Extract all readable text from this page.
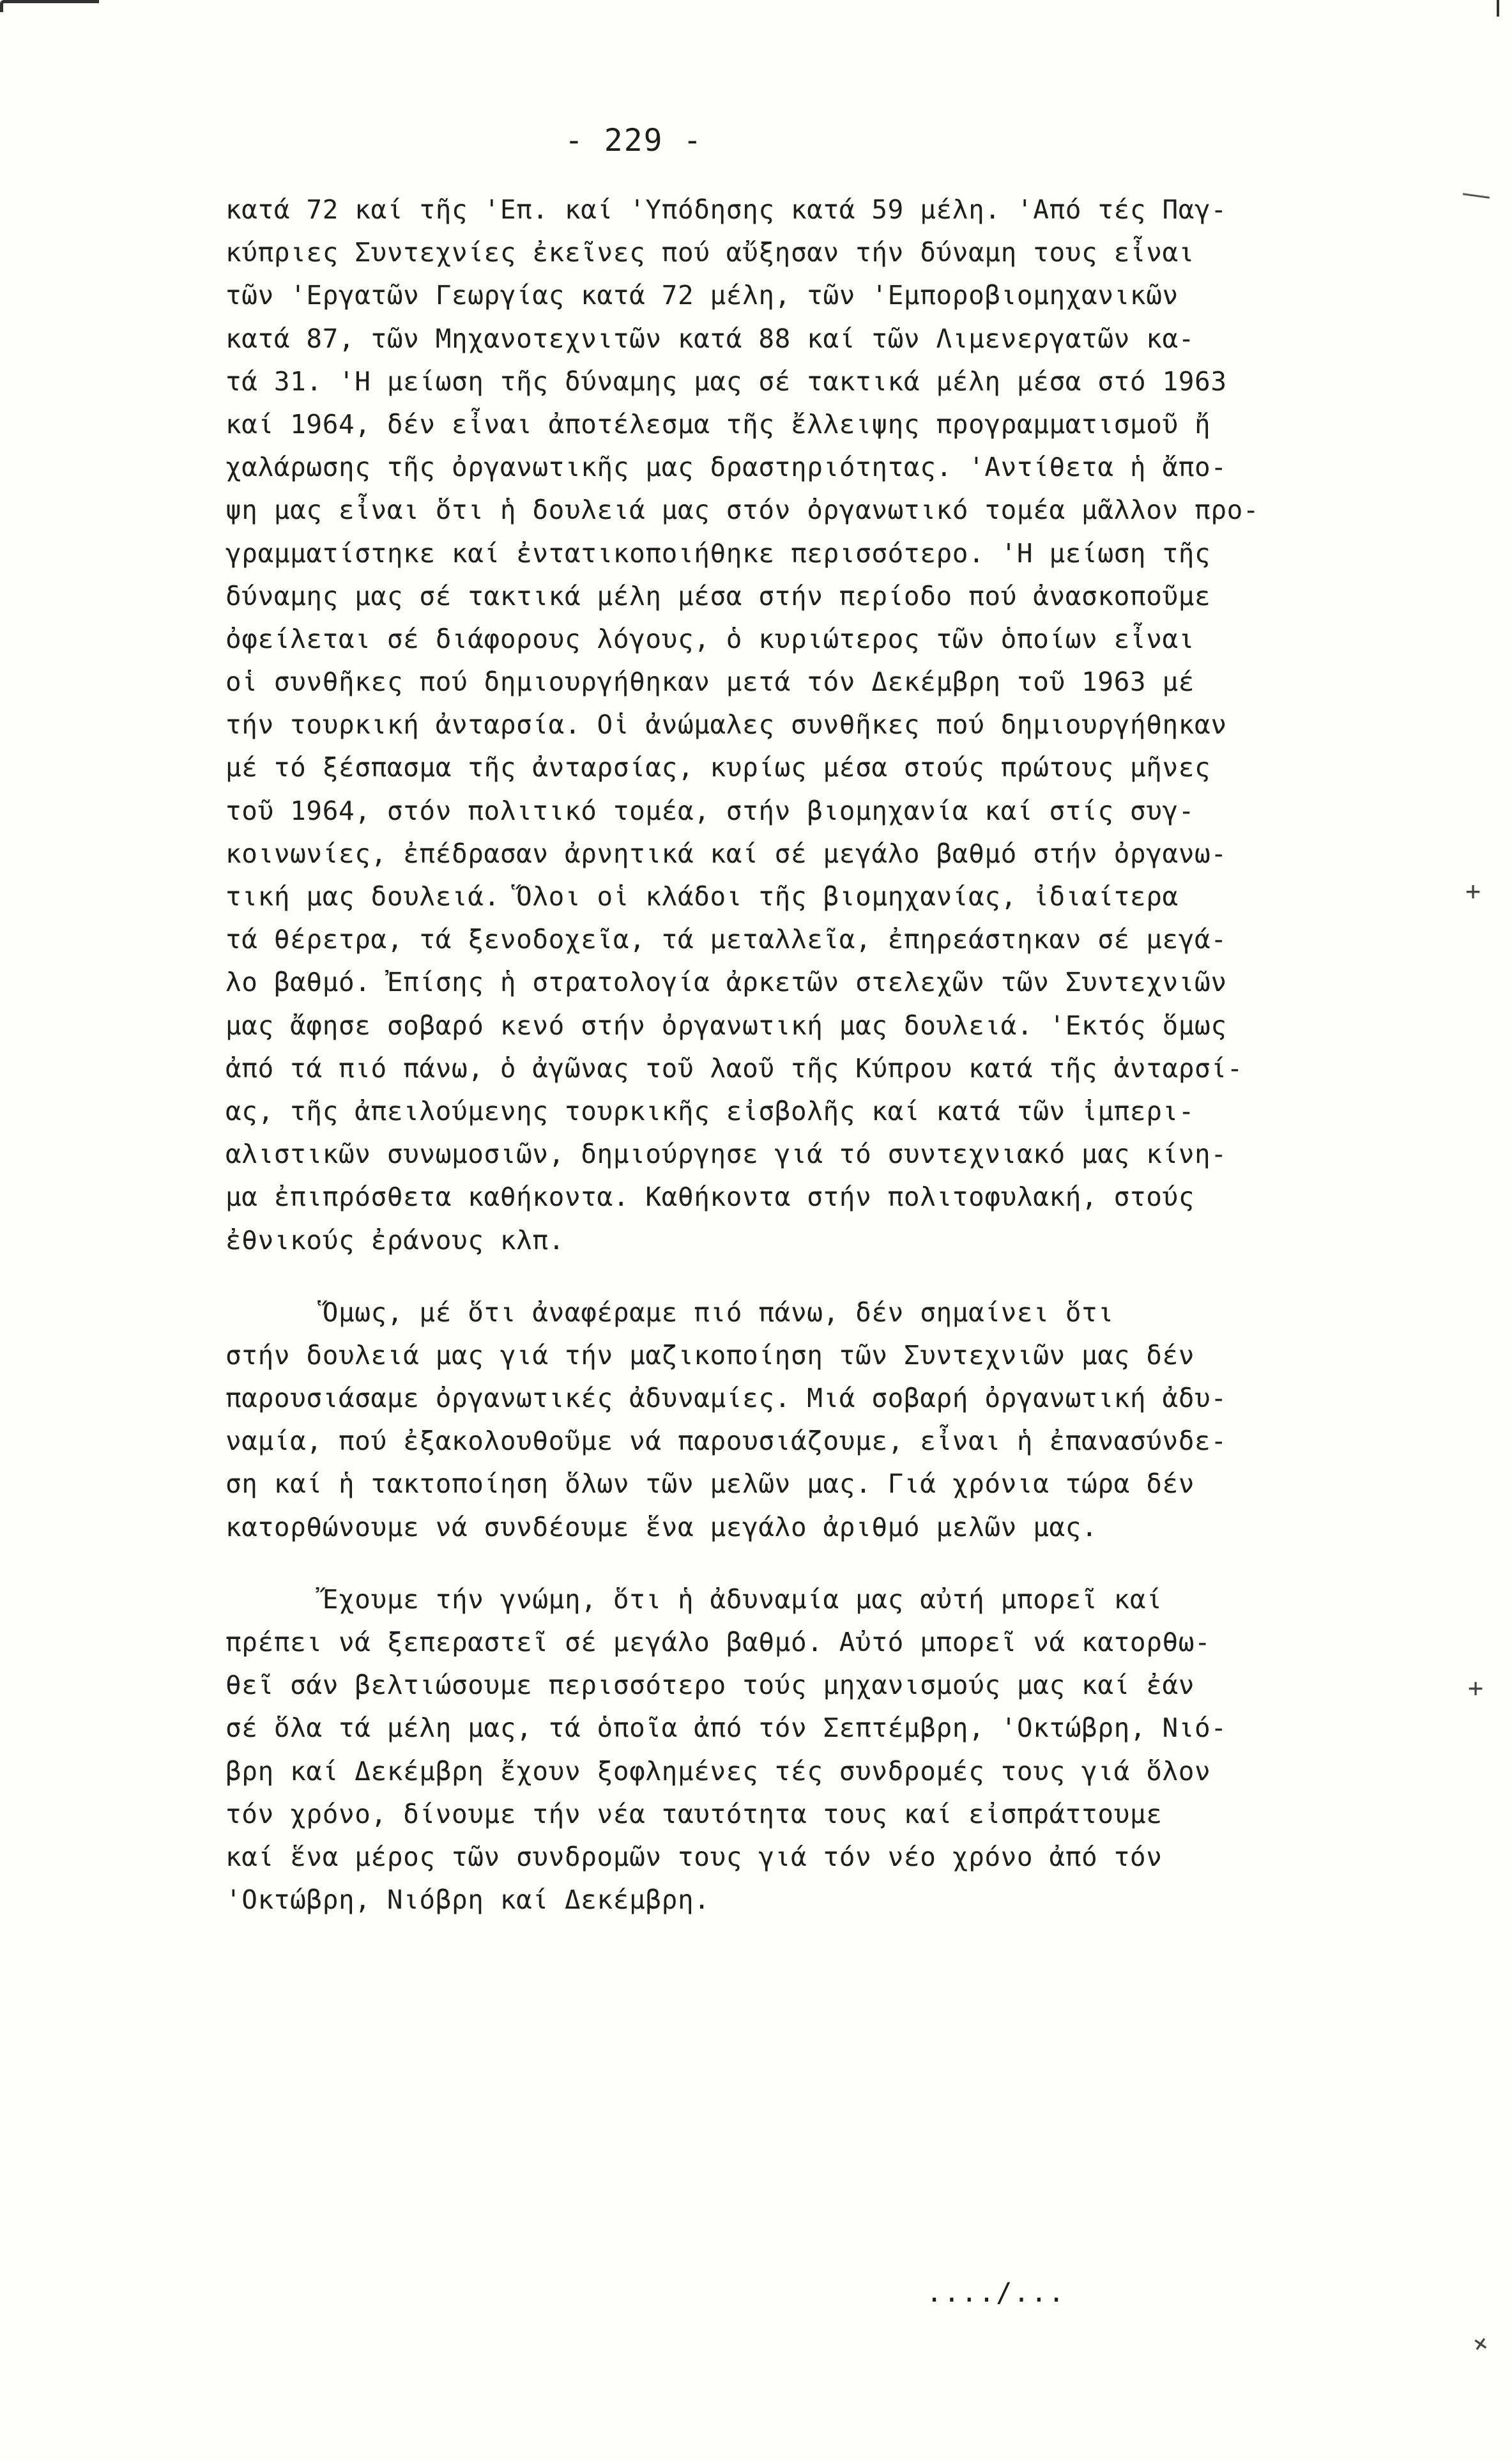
- 229 -
κατά 72 καί τῆς 'Επ. καί 'Υπόδησης κατά 59 μέλη. 'Από τές Παγ-
κύπριες Συντεχνίες ἐκεῖνες πού αὔξησαν τήν δύναμη τους εἶναι
τῶν 'Εργατῶν Γεωργίας κατά 72 μέλη, τῶν 'Εμποροβιομηχανικῶν
κατά 87, τῶν Μηχανοτεχνιτῶν κατά 88 καί τῶν Λιμενεργατῶν κα-
τά 31. 'Η μείωση τῆς δύναμης μας σέ τακτικά μέλη μέσα στό 1963
καί 1964, δέν εἶναι ἀποτέλεσμα τῆς ἔλλειψης προγραμματισμοῦ ἤ
χαλάρωσης τῆς ὀργανωτικῆς μας δραστηριότητας. 'Αντίθετα ἡ ἄπο-
ψη μας εἶναι ὅτι ἡ δουλειά μας στόν ὀργανωτικό τομέα μᾶλλον προ-
γραμματίστηκε καί ἐντατικοποιήθηκε περισσότερο. 'Η μείωση τῆς
δύναμης μας σέ τακτικά μέλη μέσα στήν περίοδο πού ἀνασκοποῦμε
ὀφείλεται σέ διάφορους λόγους, ὁ κυριώτερος τῶν ὁποίων εἶναι
οἱ συνθῆκες πού δημιουργήθηκαν μετά τόν Δεκέμβρη τοῦ 1963 μέ
τήν τουρκική ἀνταρσία. Οἱ ἀνώμαλες συνθῆκες πού δημιουργήθηκαν
μέ τό ξέσπασμα τῆς ἀνταρσίας, κυρίως μέσα στούς πρώτους μῆνες
τοῦ 1964, στόν πολιτικό τομέα, στήν βιομηχανία καί στίς συγ-
κοινωνίες, ἐπέδρασαν ἀρνητικά καί σέ μεγάλο βαθμό στήν ὀργανω-
τική μας δουλειά. Ὅλοι οἱ κλάδοι τῆς βιομηχανίας, ἰδιαίτερα
τά θέρετρα, τά ξενοδοχεῖα, τά μεταλλεῖα, ἐπηρεάστηκαν σέ μεγά-
λο βαθμό. Ἐπίσης ἡ στρατολογία ἀρκετῶν στελεχῶν τῶν Συντεχνιῶν
μας ἄφησε σοβαρό κενό στήν ὀργανωτική μας δουλειά. 'Εκτός ὅμως
ἀπό τά πιό πάνω, ὁ ἀγῶνας τοῦ λαοῦ τῆς Κύπρου κατά τῆς ἀνταρσί-
ας, τῆς ἀπειλούμενης τουρκικῆς εἰσβολῆς καί κατά τῶν ἰμπερι-
αλιστικῶν συνωμοσιῶν, δημιούργησε γιά τό συντεχνιακό μας κίνη-
μα ἐπιπρόσθετα καθήκοντα. Καθήκοντα στήν πολιτοφυλακή, στούς
ἐθνικούς ἐράνους κλπ.
Ὅμως, μέ ὅτι ἀναφέραμε πιό πάνω, δέν σημαίνει ὅτι
στήν δουλειά μας γιά τήν μαζικοποίηση τῶν Συντεχνιῶν μας δέν
παρουσιάσαμε ὀργανωτικές ἀδυναμίες. Μιά σοβαρή ὀργανωτική ἀδυ-
ναμία, πού ἐξακολουθοῦμε νά παρουσιάζουμε, εἶναι ἡ ἐπανασύνδε-
ση καί ἡ τακτοποίηση ὅλων τῶν μελῶν μας. Γιά χρόνια τώρα δέν
κατορθώνουμε νά συνδέουμε ἕνα μεγάλο ἀριθμό μελῶν μας.
Ἔχουμε τήν γνώμη, ὅτι ἡ ἀδυναμία μας αὐτή μπορεῖ καί
πρέπει νά ξεπεραστεῖ σέ μεγάλο βαθμό. Αὐτό μπορεῖ νά κατορθω-
θεῖ σάν βελτιώσουμε περισσότερο τούς μηχανισμούς μας καί ἐάν
σέ ὅλα τά μέλη μας, τά ὁποῖα ἀπό τόν Σεπτέμβρη, 'Οκτώβρη, Νιό-
βρη καί Δεκέμβρη ἔχουν ξοφλημένες τές συνδρομές τους γιά ὅλον
τόν χρόνο, δίνουμε τήν νέα ταυτότητα τους καί εἰσπράττουμε
καί ἕνα μέρος τῶν συνδρομῶν τους γιά τόν νέο χρόνο ἀπό τόν
'Οκτώβρη, Νιόβρη καί Δεκέμβρη.
..../...
+
+
+
